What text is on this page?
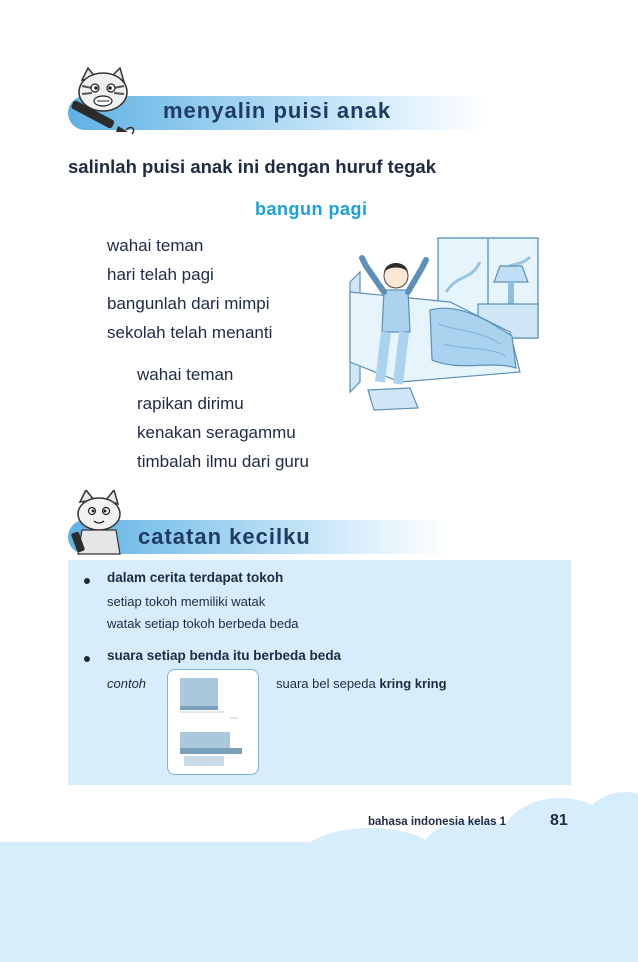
menyalin puisi anak
salinlah puisi anak ini dengan huruf tegak
bangun pagi
wahai teman
hari telah pagi
bangunlah dari mimpi
sekolah telah menanti
wahai teman
rapikan dirimu
kenakan seragammu
timbalah ilmu dari guru
catatan kecilku
dalam cerita terdapat tokoh
setiap tokoh memiliki watak
watak setiap tokoh berbeda beda
suara setiap benda itu berbeda beda
contoh	suara bel sepeda kring kring
bahasa indonesia kelas 1	81
